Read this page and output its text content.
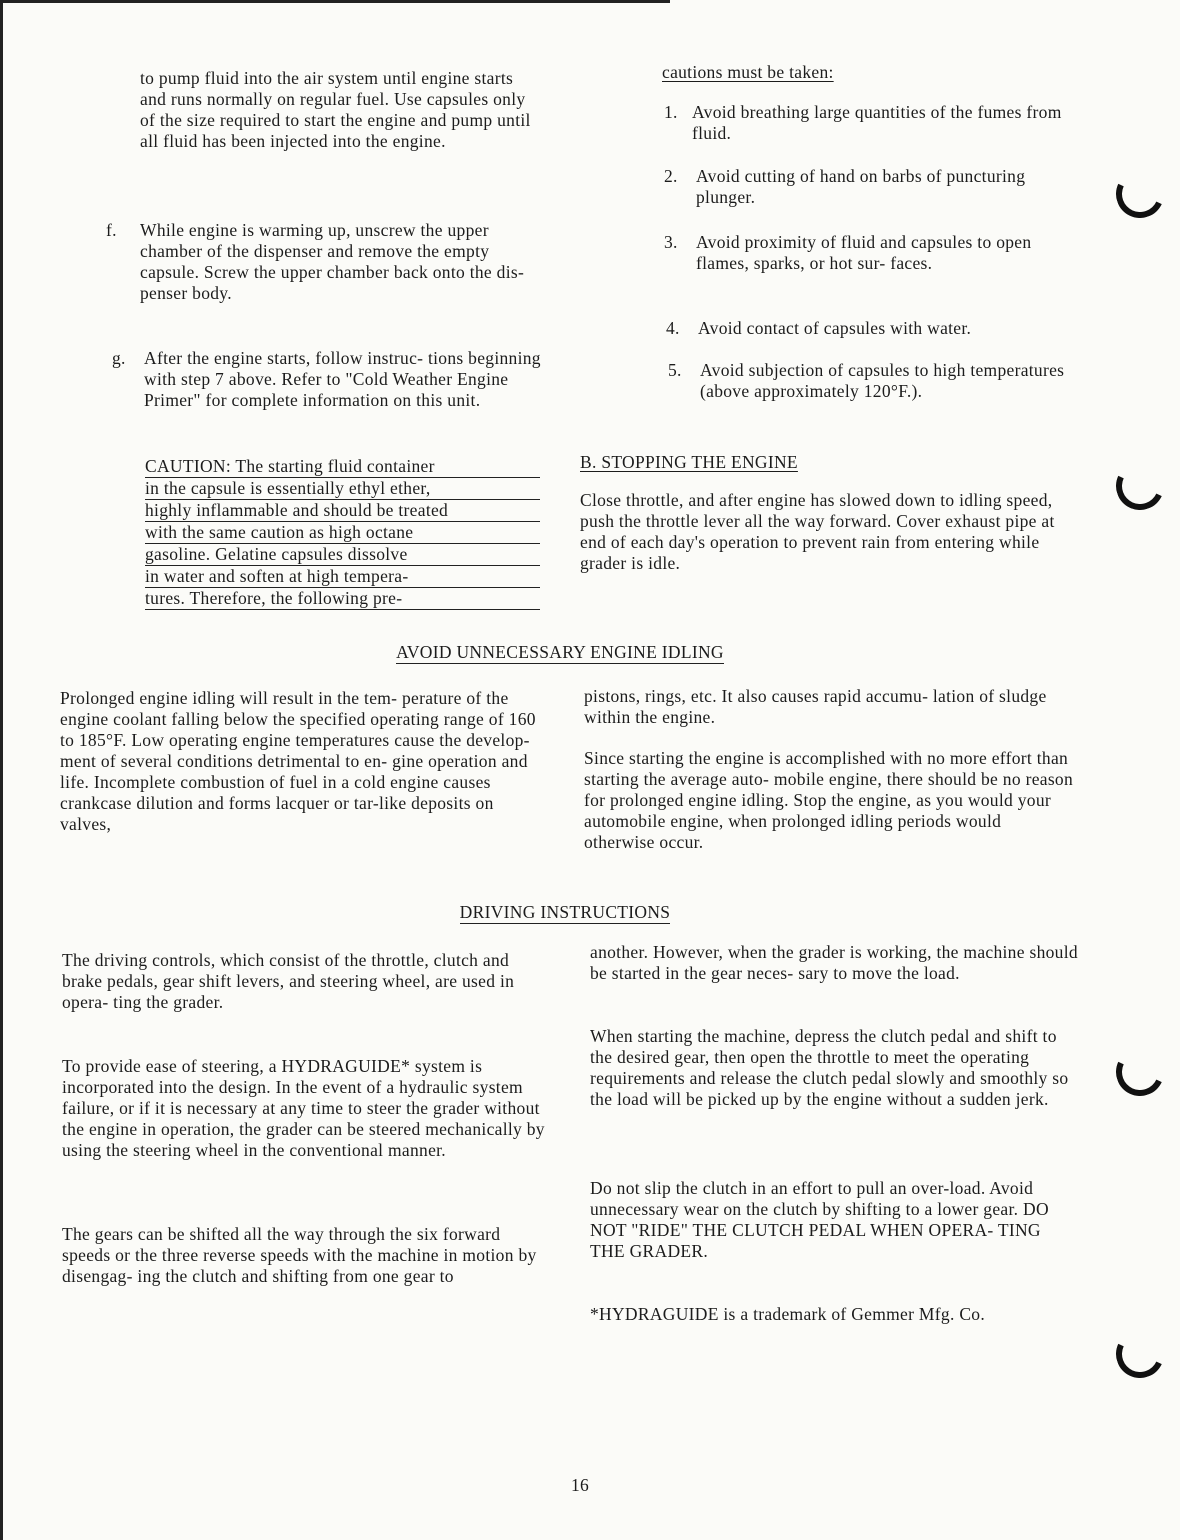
to pump fluid into the air system until engine starts and runs normally on regular fuel. Use capsules only of the size required to start the engine and pump until all fluid has been injected into the engine.

f. While engine is warming up, unscrew the upper chamber of the dispenser and remove the empty capsule. Screw the upper chamber back onto the dis- penser body.

g. After the engine starts, follow instruc- tions beginning with step 7 above. Refer to "Cold Weather Engine Primer" for complete information on this unit.

CAUTION: The starting fluid container
in the capsule is essentially ethyl ether,
highly inflammable and should be treated
with the same caution as high octane
gasoline. Gelatine capsules dissolve
in water and soften at high tempera-
tures. Therefore, the following pre-

cautions must be taken:

1. Avoid breathing large quantities of the fumes from fluid.

2. Avoid cutting of hand on barbs of puncturing plunger.

3. Avoid proximity of fluid and capsules to open flames, sparks, or hot sur- faces.

4. Avoid contact of capsules with water.

5. Avoid subjection of capsules to high temperatures (above approximately 120°F.).

B. STOPPING THE ENGINE

Close throttle, and after engine has slowed down to idling speed, push the throttle lever all the way forward. Cover exhaust pipe at end of each day's operation to prevent rain from entering while grader is idle.

AVOID UNNECESSARY ENGINE IDLING

Prolonged engine idling will result in the tem- perature of the engine coolant falling below the specified operating range of 160 to 185°F. Low operating engine temperatures cause the develop- ment of several conditions detrimental to en- gine operation and life. Incomplete combustion of fuel in a cold engine causes crankcase dilution and forms lacquer or tar-like deposits on valves,

pistons, rings, etc. It also causes rapid accumu- lation of sludge within the engine.

Since starting the engine is accomplished with no more effort than starting the average auto- mobile engine, there should be no reason for prolonged engine idling. Stop the engine, as you would your automobile engine, when prolonged idling periods would otherwise occur.

DRIVING INSTRUCTIONS

The driving controls, which consist of the throttle, clutch and brake pedals, gear shift levers, and steering wheel, are used in opera- ting the grader.

To provide ease of steering, a HYDRAGUIDE* system is incorporated into the design. In the event of a hydraulic system failure, or if it is necessary at any time to steer the grader without the engine in operation, the grader can be steered mechanically by using the steering wheel in the conventional manner.

The gears can be shifted all the way through the six forward speeds or the three reverse speeds with the machine in motion by disengag- ing the clutch and shifting from one gear to

another. However, when the grader is working, the machine should be started in the gear neces- sary to move the load.

When starting the machine, depress the clutch pedal and shift to the desired gear, then open the throttle to meet the operating requirements and release the clutch pedal slowly and smoothly so the load will be picked up by the engine without a sudden jerk.

Do not slip the clutch in an effort to pull an over-load. Avoid unnecessary wear on the clutch by shifting to a lower gear. DO NOT "RIDE" THE CLUTCH PEDAL WHEN OPERA- TING THE GRADER.

*HYDRAGUIDE is a trademark of Gemmer Mfg. Co.

16
